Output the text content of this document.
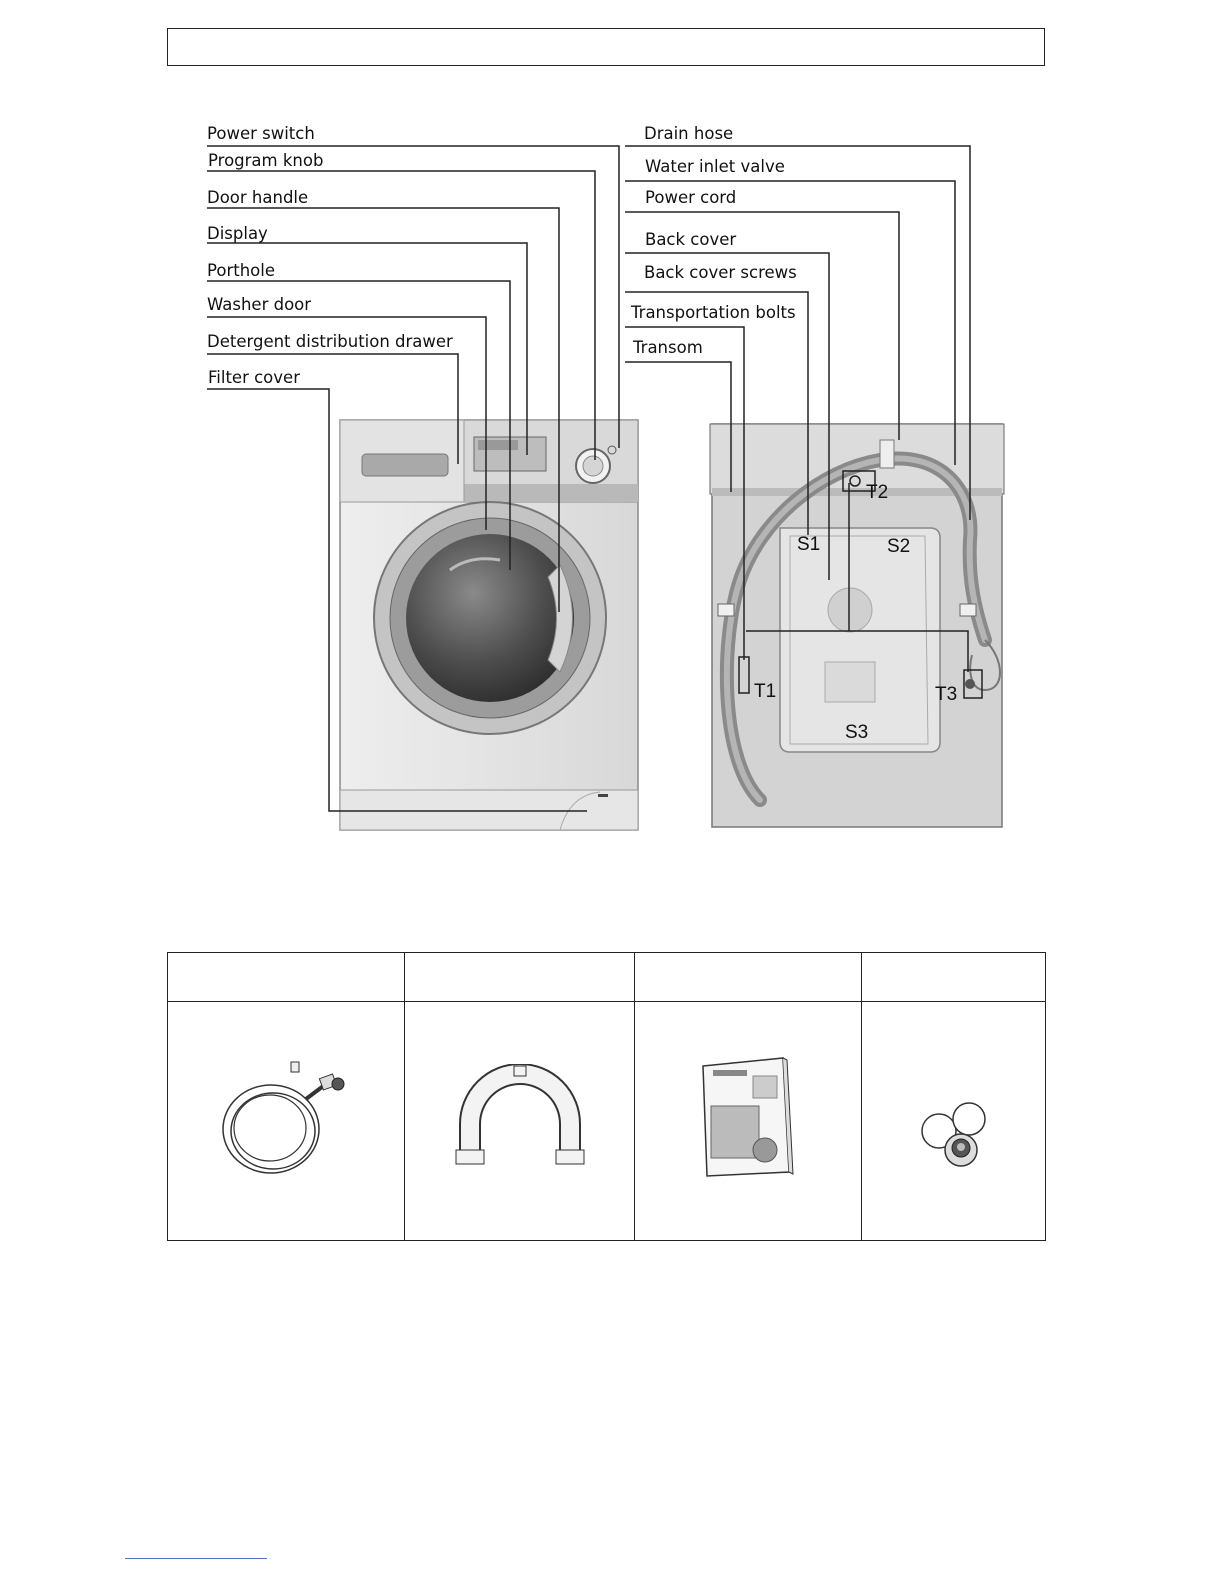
S1	S2
S3
T1	T3
T2
Power switch
Program knob
Door handle
Display
Porthole
Washer door
Detergent distribution drawer
Filter cover
Drain hose
Water inlet valve
Power cord
Back cover
Back cover screws
Transportation bolts
Transom
